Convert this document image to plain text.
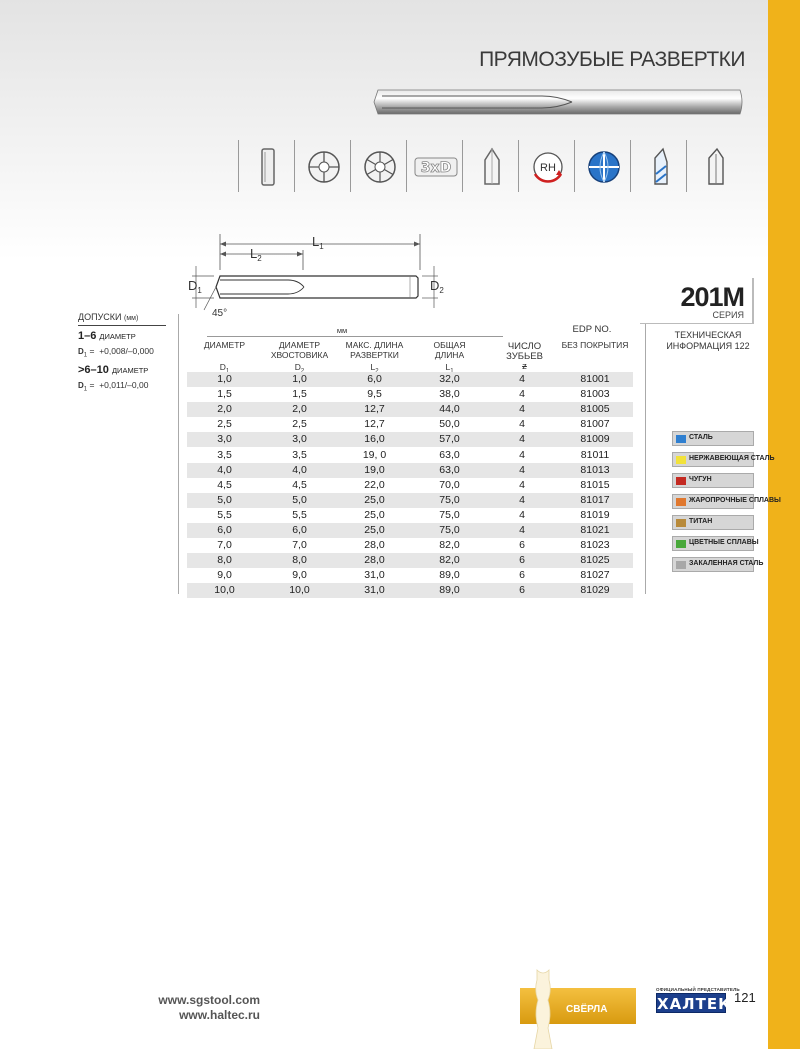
ПРЯМОЗУБЫЕ РАЗВЕРТКИ
3xD	RH
$L_1$
$L_2$
$D_1$	$D_2$
45°
201M
СЕРИЯ
ДОПУСКИ (мм)
1–6 ДИАМЕТР
$D_1 = +0,008/-0,000$
>6–10 ДИАМЕТР
$D_1 = +0,011/-0,00$
мм	EDP NO.
ДИАМЕТР
D
ДИАМЕТР
ХВОСТОВИКА
D
МАКС. ДЛИНА
РАЗВЕРТКИ
L
ОБЩАЯ
ДЛИНА
L
ЧИСЛО
ЗУБЬЕВ
z
БЕЗ ПОКРЫТИЯ
1,0	1,0	6,0	32,0	4	81001
1,5	1,5	9,5	38,0	4	81003
2,0	2,0	12,7	44,0	4	81005
2,5	2,5	12,7	50,0	4	81007
3,0	3,0	16,0	57,0	4	81009
3,5	3,5	19, 0	63,0	4	81011
4,0	4,0	19,0	63,0	4	81013
4,5	4,5	22,0	70,0	4	81015
5,0	5,0	25,0	75,0	4	81017
5,5	5,5	25,0	75,0	4	81019
6,0	6,0	25,0	75,0	4	81021
7,0	7,0	28,0	82,0	6	81023
8,0	8,0	28,0	82,0	6	81025
9,0	9,0	31,0	89,0	6	81027
10,0	10,0	31,0	89,0	6	81029
ТЕХНИЧЕСКАЯ
ИНФОРМАЦИЯ 122
СТАЛЬ
НЕРЖАВЕЮЩАЯ СТАЛЬ
ЧУГУН
ЖАРОПРОЧНЫЕ СПЛАВЫ
ТИТАН
ЦВЕТНЫЕ СПЛАВЫ
ЗАКАЛЕННАЯ СТАЛЬ
www.sgstool.com
www.haltec.ru	СВЁРЛА
ОФИЦИАЛЬНЫЙ ПРЕДСТАВИТЕЛЬ
ХАЛТЕК 121
